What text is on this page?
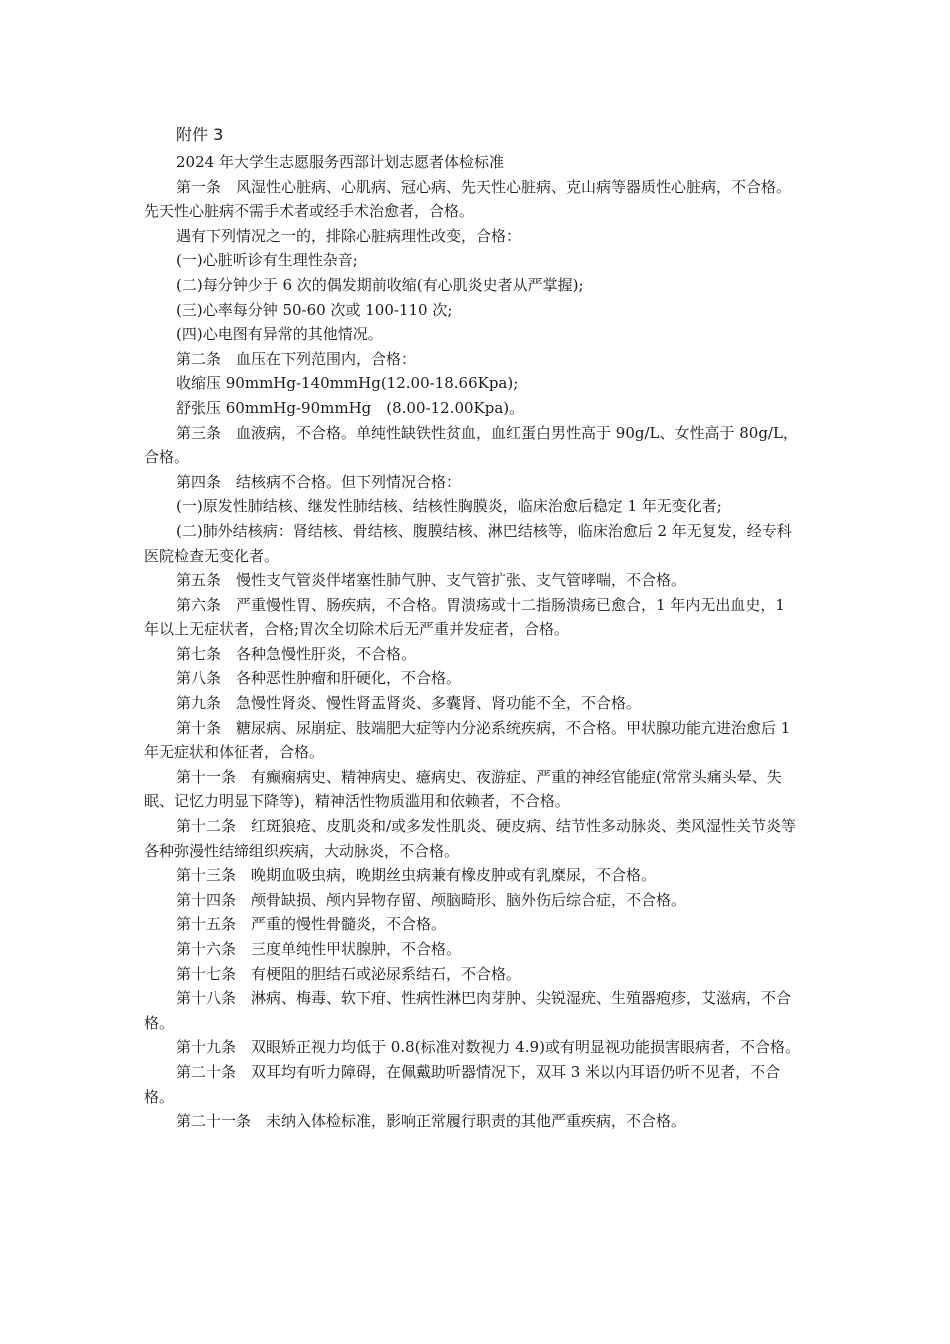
附件 3

2024 年大学生志愿服务西部计划志愿者体检标准

第一条　风湿性心脏病、心肌病、冠心病、先天性心脏病、克山病等器质性心脏病，不合格。先天性心脏病不需手术者或经手术治愈者，合格。

遇有下列情况之一的，排除心脏病理性改变，合格：

(一)心脏听诊有生理性杂音;

(二)每分钟少于 6 次的偶发期前收缩(有心肌炎史者从严掌握);

(三)心率每分钟 50-60 次或 100-110 次;

(四)心电图有异常的其他情况。

第二条　血压在下列范围内，合格：

收缩压 90mmHg-140mmHg(12.00-18.66Kpa);

舒张压 60mmHg-90mmHg　(8.00-12.00Kpa)。

第三条　血液病，不合格。单纯性缺铁性贫血，血红蛋白男性高于 90g/L、女性高于 80g/L，合格。

第四条　结核病不合格。但下列情况合格：

(一)原发性肺结核、继发性肺结核、结核性胸膜炎，临床治愈后稳定 1 年无变化者;

(二)肺外结核病：肾结核、骨结核、腹膜结核、淋巴结核等，临床治愈后 2 年无复发，经专科医院检查无变化者。

第五条　慢性支气管炎伴堵塞性肺气肿、支气管扩张、支气管哮喘，不合格。

第六条　严重慢性胃、肠疾病，不合格。胃溃疡或十二指肠溃疡已愈合，1 年内无出血史，1 年以上无症状者，合格;胃次全切除术后无严重并发症者，合格。

第七条　各种急慢性肝炎，不合格。

第八条　各种恶性肿瘤和肝硬化，不合格。

第九条　急慢性肾炎、慢性肾盂肾炎、多囊肾、肾功能不全，不合格。

第十条　糖尿病、尿崩症、肢端肥大症等内分泌系统疾病，不合格。甲状腺功能亢进治愈后 1 年无症状和体征者，合格。

第十一条　有癫痫病史、精神病史、癔病史、夜游症、严重的神经官能症(常常头痛头晕、失眠、记忆力明显下降等)，精神活性物质滥用和依赖者，不合格。

第十二条　红斑狼疮、皮肌炎和/或多发性肌炎、硬皮病、结节性多动脉炎、类风湿性关节炎等各种弥漫性结缔组织疾病，大动脉炎，不合格。

第十三条　晚期血吸虫病，晚期丝虫病兼有橡皮肿或有乳糜尿，不合格。

第十四条　颅骨缺损、颅内异物存留、颅脑畸形、脑外伤后综合症，不合格。

第十五条　严重的慢性骨髓炎，不合格。

第十六条　三度单纯性甲状腺肿，不合格。

第十七条　有梗阻的胆结石或泌尿系结石，不合格。

第十八条　淋病、梅毒、软下疳、性病性淋巴肉芽肿、尖锐湿疣、生殖器疱疹，艾滋病，不合格。

第十九条　双眼矫正视力均低于 0.8(标准对数视力 4.9)或有明显视功能损害眼病者，不合格。

第二十条　双耳均有听力障碍，在佩戴助听器情况下，双耳 3 米以内耳语仍听不见者，不合格。

第二十一条　未纳入体检标准，影响正常履行职责的其他严重疾病，不合格。
